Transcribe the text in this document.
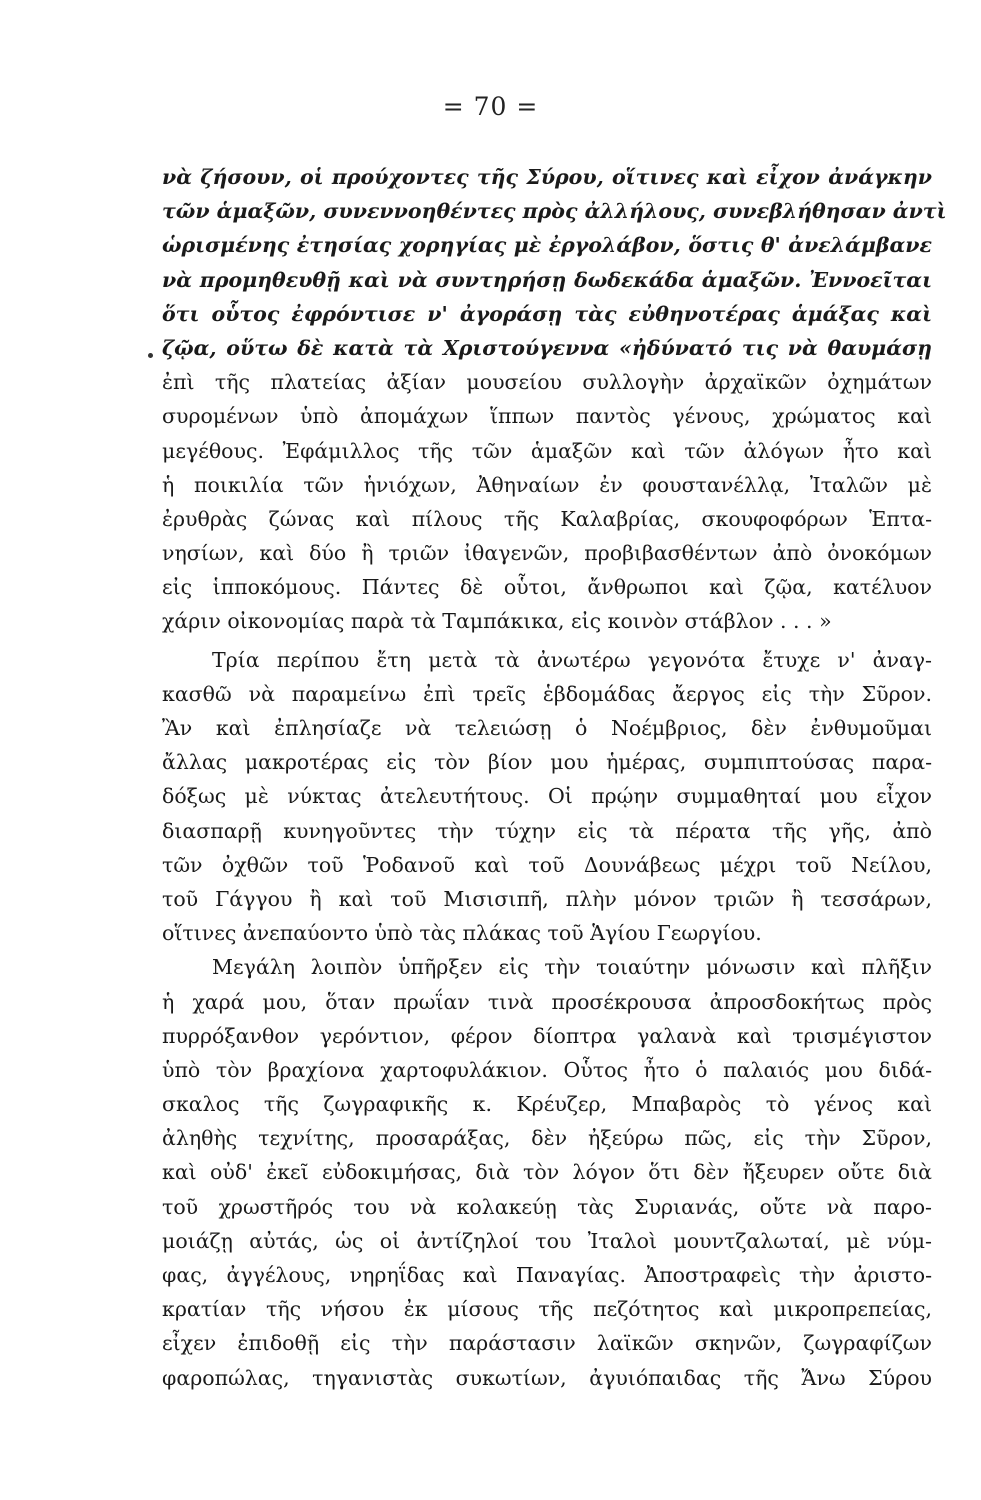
= 70 =
νὰ ζήσουν, οἱ προύχοντες τῆς Σύρου, οἵτινες καὶ εἶχον ἀνάγκην
τῶν ἁμαξῶν, συνεννοηθέντες πρὸς ἀλλήλους, συνεβλήθησαν ἀντὶ
ὡρισμένης ἐτησίας χορηγίας μὲ ἐργολάβον, ὅστις θ' ἀνελάμβανε
νὰ προμηθευθῇ καὶ νὰ συντηρήσῃ δωδεκάδα ἁμαξῶν. Ἐννοεῖται
ὅτι οὗτος ἐφρόντισε ν' ἀγοράσῃ τὰς εὐθηνοτέρας ἁμάξας καὶ
ζῷα, οὕτω δὲ κατὰ τὰ Χριστούγεννα «ἠδύνατό τις νὰ θαυμάσῃ
ἐπὶ τῆς πλατείας ἀξίαν μουσείου συλλογὴν ἀρχαϊκῶν ὀχημάτων
συρομένων ὑπὸ ἀπομάχων ἵππων παντὸς γένους, χρώματος καὶ
μεγέθους. Ἐφάμιλλος τῆς τῶν ἁμαξῶν καὶ τῶν ἀλόγων ἦτο καὶ
ἡ ποικιλία τῶν ἡνιόχων, Ἀθηναίων ἐν φουστανέλλᾳ, Ἰταλῶν μὲ
ἐρυθρὰς ζώνας καὶ πίλους τῆς Καλαβρίας, σκουφοφόρων Ἑπτα-
νησίων, καὶ δύο ἢ τριῶν ἰθαγενῶν, προβιβασθέντων ἀπὸ ὀνοκόμων
εἰς ἱπποκόμους. Πάντες δὲ οὗτοι, ἄνθρωποι καὶ ζῷα, κατέλυον
χάριν οἰκονομίας παρὰ τὰ Ταμπάκικα, εἰς κοινὸν στάβλον . . . »
Τρία περίπου ἔτη μετὰ τὰ ἀνωτέρω γεγονότα ἔτυχε ν' ἀναγ-
κασθῶ νὰ παραμείνω ἐπὶ τρεῖς ἑβδομάδας ἄεργος εἰς τὴν Σῦρον.
Ἂν καὶ ἐπλησίαζε νὰ τελειώσῃ ὁ Νοέμβριος, δὲν ἐνθυμοῦμαι
ἄλλας μακροτέρας εἰς τὸν βίον μου ἡμέρας, συμπιπτούσας παρα-
δόξως μὲ νύκτας ἀτελευτήτους. Οἱ πρῴην συμμαθηταί μου εἶχον
διασπαρῇ κυνηγοῦντες τὴν τύχην εἰς τὰ πέρατα τῆς γῆς, ἀπὸ
τῶν ὀχθῶν τοῦ Ῥοδανοῦ καὶ τοῦ Δουνάβεως μέχρι τοῦ Νείλου,
τοῦ Γάγγου ἢ καὶ τοῦ Μισισιπῆ, πλὴν μόνον τριῶν ἢ τεσσάρων,
οἵτινες ἀνεπαύοντο ὑπὸ τὰς πλάκας τοῦ Ἁγίου Γεωργίου.
Μεγάλη λοιπὸν ὑπῆρξεν εἰς τὴν τοιαύτην μόνωσιν καὶ πλῆξιν
ἡ χαρά μου, ὅταν πρωΐαν τινὰ προσέκρουσα ἀπροσδοκήτως πρὸς
πυρρόξανθον γερόντιον, φέρον δίοπτρα γαλανὰ καὶ τρισμέγιστον
ὑπὸ τὸν βραχίονα χαρτοφυλάκιον. Οὗτος ἦτο ὁ παλαιός μου διδά-
σκαλος τῆς ζωγραφικῆς κ. Κρέυζερ, Μπαβαρὸς τὸ γένος καὶ
ἀληθὴς τεχνίτης, προσαράξας, δὲν ἠξεύρω πῶς, εἰς τὴν Σῦρον,
καὶ οὐδ' ἐκεῖ εὐδοκιμήσας, διὰ τὸν λόγον ὅτι δὲν ἤξευρεν οὔτε διὰ
τοῦ χρωστῆρός του νὰ κολακεύῃ τὰς Συριανάς, οὔτε νὰ παρο-
μοιάζῃ αὐτάς, ὡς οἱ ἀντίζηλοί του Ἰταλοὶ μουντζαλωταί, μὲ νύμ-
φας, ἀγγέλους, νηρηΐδας καὶ Παναγίας. Ἀποστραφεὶς τὴν ἀριστο-
κρατίαν τῆς νήσου ἐκ μίσους τῆς πεζότητος καὶ μικροπρεπείας,
εἶχεν ἐπιδοθῇ εἰς τὴν παράστασιν λαϊκῶν σκηνῶν, ζωγραφίζων
φαροπώλας, τηγανιστὰς συκωτίων, ἀγυιόπαιδας τῆς Ἄνω Σύρου
